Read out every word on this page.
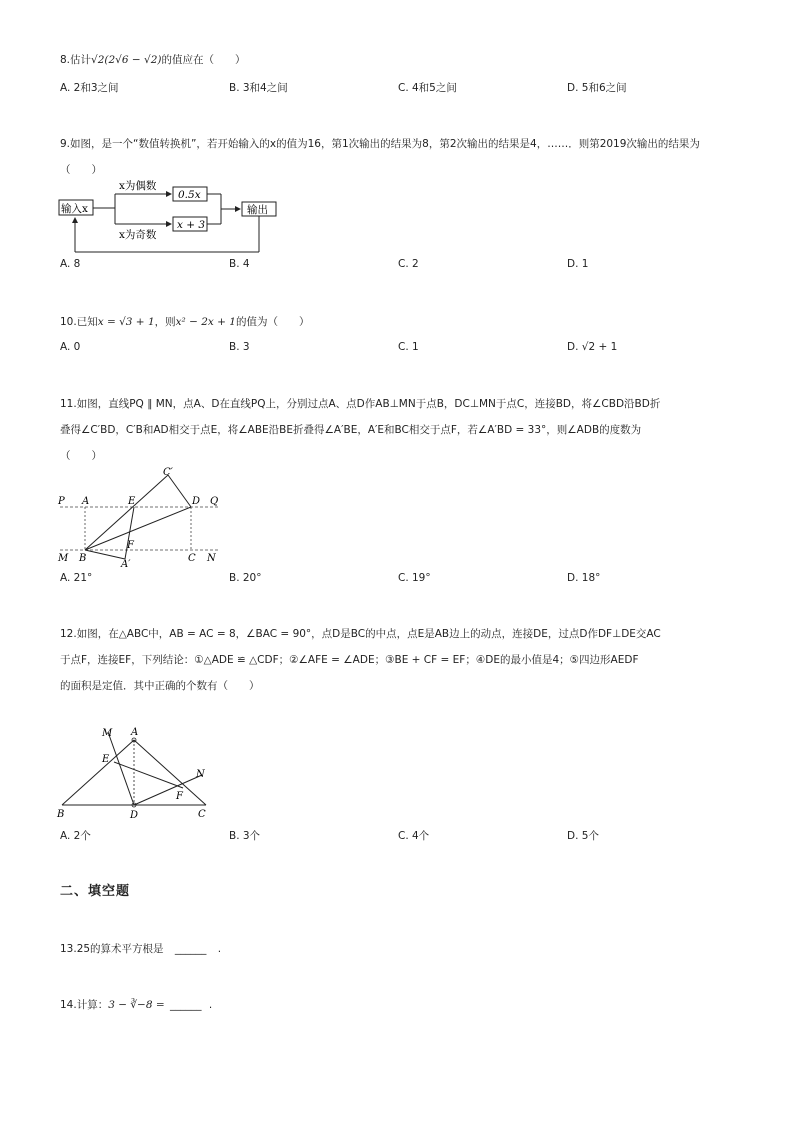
8.估计√2(2√6 − √2)的值应在（　　）
A. 2和3之间	B. 3和4之间	C. 4和5之间	D. 5和6之间
9.如图，是一个“数值转换机”，若开始输入的x的值为16，第1次输出的结果为8，第2次输出的结果是4，……．则第2019次输出的结果为
（　　）
输入x
x为偶数
x为奇数
0.5x
x + 3
输出
A. 8	B. 4	C. 2	D. 1
10.已知x = √3 + 1，则x² − 2x + 1的值为（　　）
A. 0	B. 3	C. 1	D. √2 + 1
11.如图，直线PQ ∥ MN，点A、D在直线PQ上，分别过点A、点D作AB⊥MN于点B，DC⊥MN于点C，连接BD，将∠CBD沿BD折
叠得∠C′BD，C′B和AD相交于点E，将∠ABE沿BE折叠得∠A′BE，A′E和BC相交于点F，若∠A′BD = 33°，则∠ADB的度数为
（　　）
P A	E	D Q
C′
F
M B
A′
C N
A. 21°	B. 20°	C. 19°	D. 18°
12.如图，在△ABC中，AB = AC = 8，∠BAC = 90°，点D是BC的中点，点E是AB边上的动点，连接DE，过点D作DF⊥DE交AC
于点F，连接EF，下列结论：①△ADE ≌ △CDF；②∠AFE = ∠ADE；③BE + CF = EF；④DE的最小值是4；⑤四边形AEDF
的面积是定值．其中正确的个数有（　　）
M A
E
N
F
B	D	C
A. 2个	B. 3个	C. 4个	D. 5个
二、填空题
13.25的算术平方根是 ______ .
14.计算：3 − ∛−8 = ______ .
